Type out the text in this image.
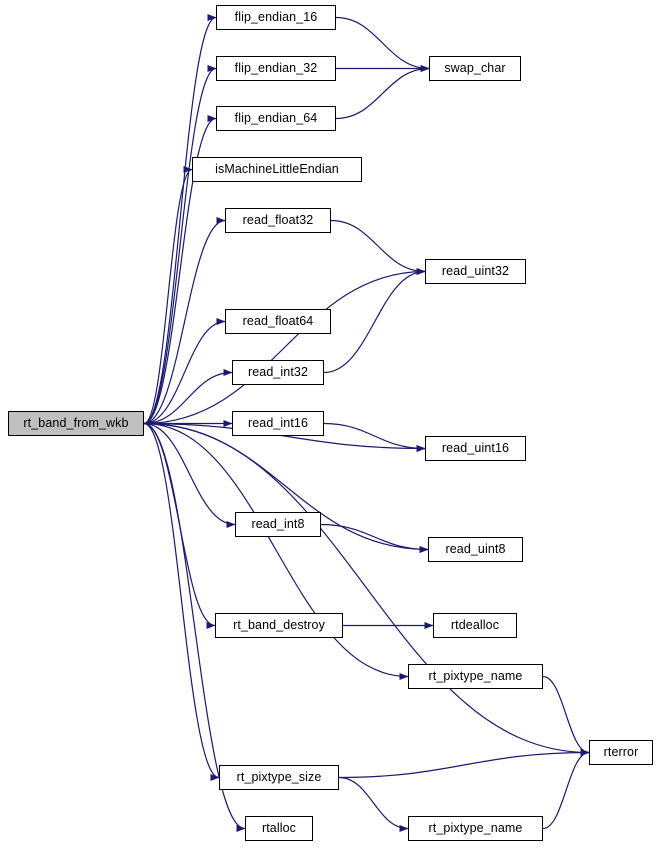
rt_band_from_wkb
flip_endian_16
flip_endian_32
flip_endian_64
isMachineLittleEndian
read_float32
read_float64
read_int32
read_int16
read_int8
rt_band_destroy
rt_pixtype_size
rtalloc
swap_char
read_uint32
read_uint16
read_uint8
rtdealloc
rt_pixtype_name
rt_pixtype_name
rterror
